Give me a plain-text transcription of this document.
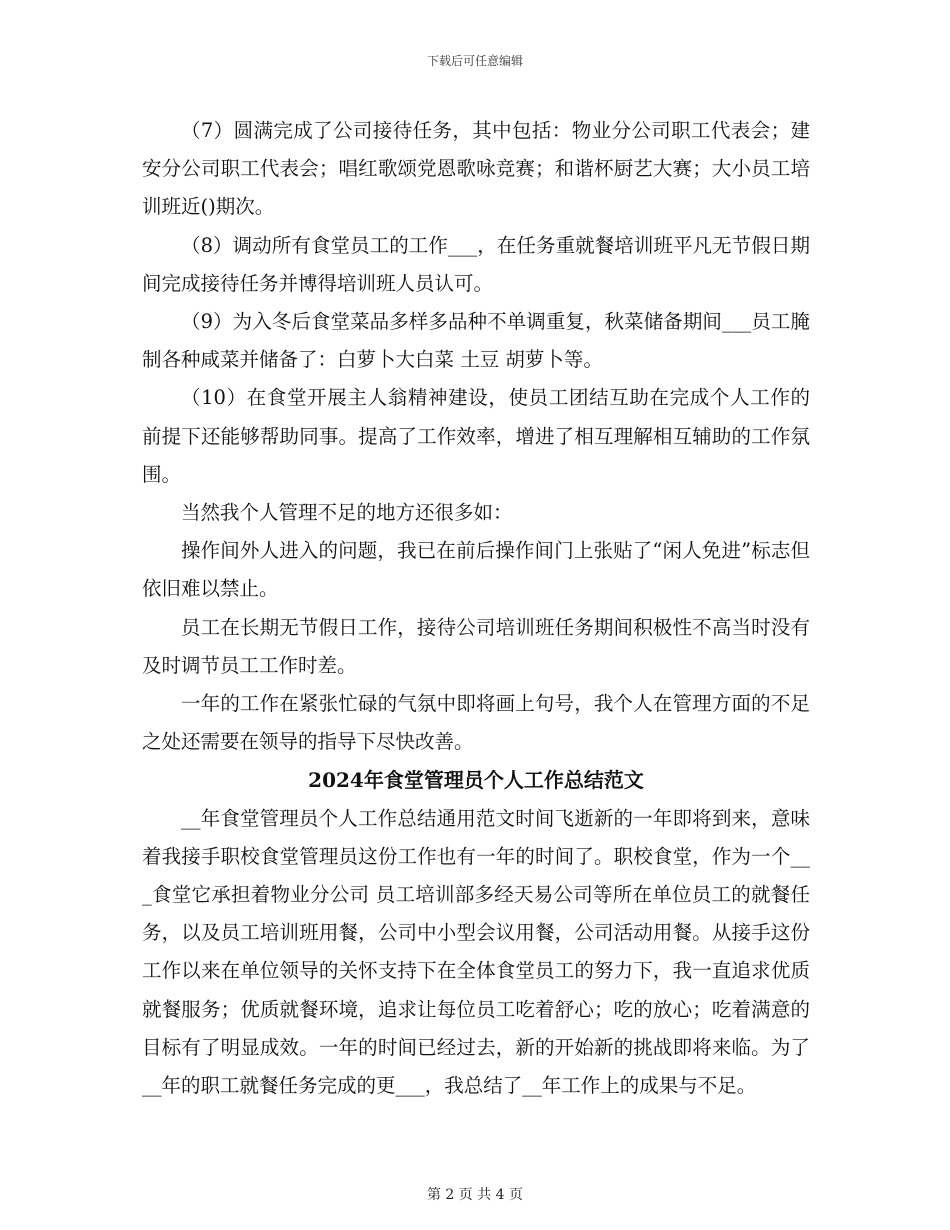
下载后可任意编辑

（7）圆满完成了公司接待任务，其中包括：物业分公司职工代表会；建安分公司职工代表会；唱红歌颂党恩歌咏竞赛；和谐杯厨艺大赛；大小员工培训班近()期次。

（8）调动所有食堂员工的工作___，在任务重就餐培训班平凡无节假日期间完成接待任务并博得培训班人员认可。

（9）为入冬后食堂菜品多样多品种不单调重复，秋菜储备期间___员工腌制各种咸菜并储备了：白萝卜大白菜 土豆 胡萝卜等。

（10）在食堂开展主人翁精神建设，使员工团结互助在完成个人工作的前提下还能够帮助同事。提高了工作效率，增进了相互理解相互辅助的工作氛围。

当然我个人管理不足的地方还很多如：

操作间外人进入的问题，我已在前后操作间门上张贴了“闲人免进”标志但依旧难以禁止。

员工在长期无节假日工作，接待公司培训班任务期间积极性不高当时没有及时调节员工工作时差。

一年的工作在紧张忙碌的气氛中即将画上句号，我个人在管理方面的不足之处还需要在领导的指导下尽快改善。

2024年食堂管理员个人工作总结范文

__年食堂管理员个人工作总结通用范文时间飞逝新的一年即将到来，意味着我接手职校食堂管理员这份工作也有一年的时间了。职校食堂，作为一个___食堂它承担着物业分公司 员工培训部多经天易公司等所在单位员工的就餐任务，以及员工培训班用餐，公司中小型会议用餐，公司活动用餐。从接手这份工作以来在单位领导的关怀支持下在全体食堂员工的努力下，我一直追求优质就餐服务；优质就餐环境，追求让每位员工吃着舒心；吃的放心；吃着满意的目标有了明显成效。一年的时间已经过去，新的开始新的挑战即将来临。为了__年的职工就餐任务完成的更___，我总结了__年工作上的成果与不足。

第 2 页 共 4 页
